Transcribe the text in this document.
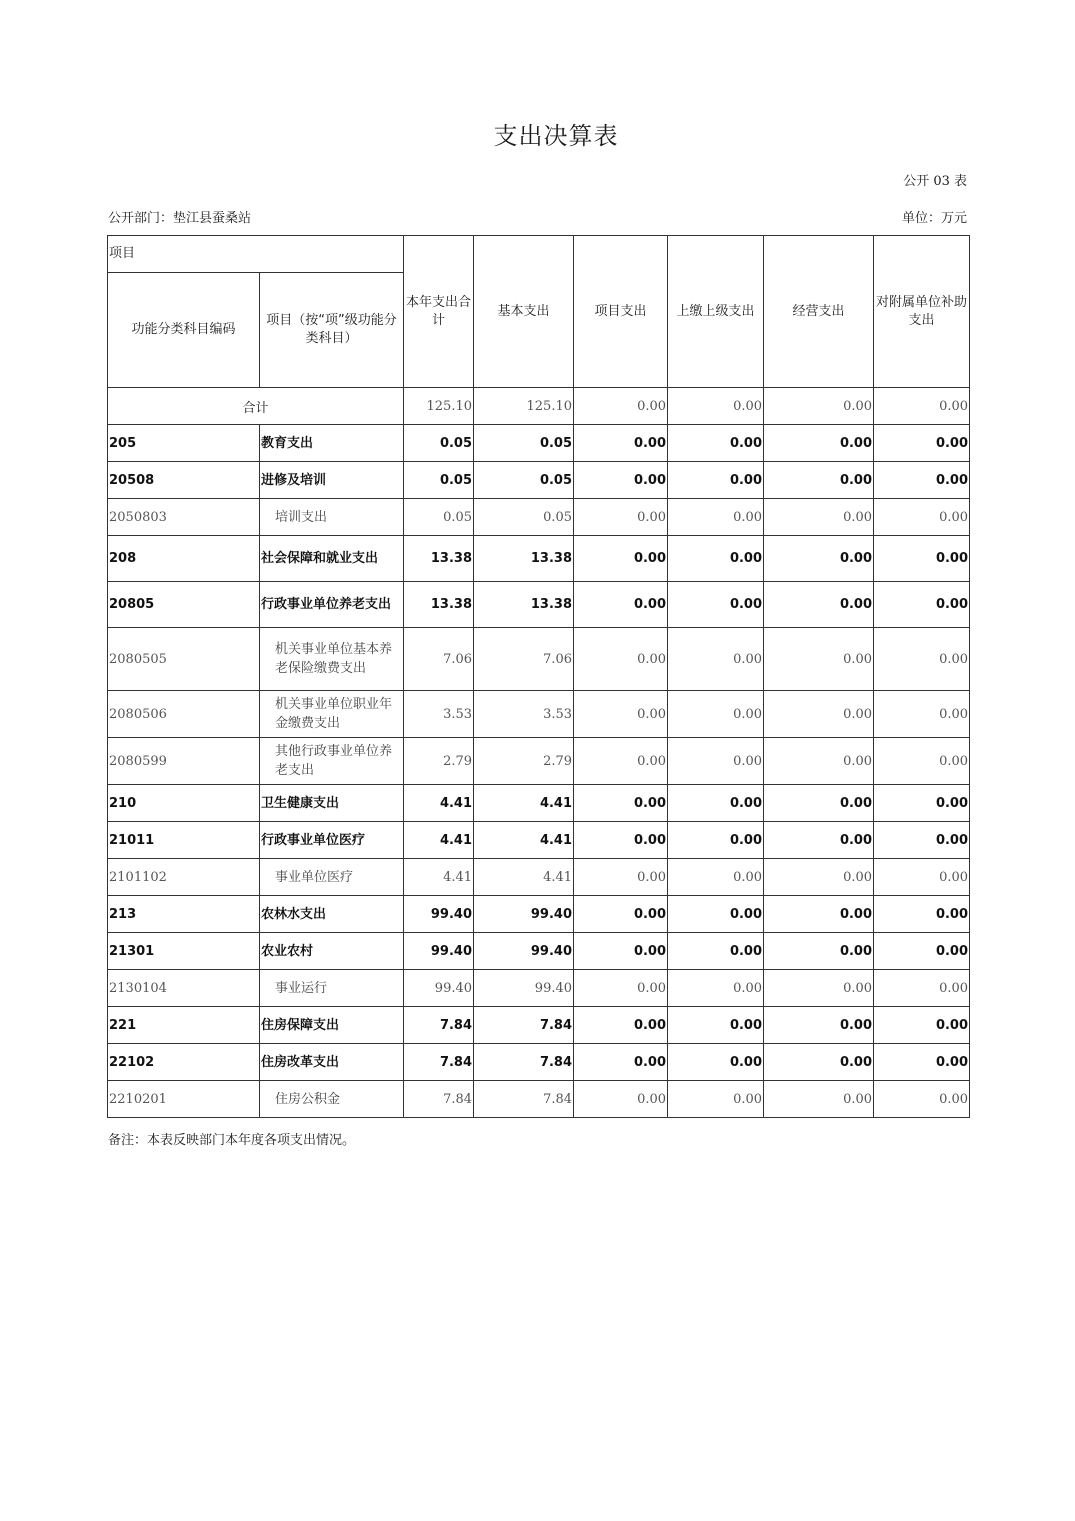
支出决算表
公开 03 表
公开部门：垫江县蚕桑站	单位：万元
项目		本年支出合计	基本支出	项目支出	上缴上级支出	经营支出	对附属单位补助支出
功能分类科目编码	项目（按“项”级功能分类科目）						
合计		125.10	125.10	0.00	0.00	0.00	0.00
205	教育支出	0.05	0.05	0.00	0.00	0.00	0.00
20508	进修及培训	0.05	0.05	0.00	0.00	0.00	0.00
2050803	培训支出	0.05	0.05	0.00	0.00	0.00	0.00
208	社会保障和就业支出	13.38	13.38	0.00	0.00	0.00	0.00
20805	行政事业单位养老支出	13.38	13.38	0.00	0.00	0.00	0.00
2080505	机关事业单位基本养老保险缴费支出	7.06	7.06	0.00	0.00	0.00	0.00
2080506	机关事业单位职业年金缴费支出	3.53	3.53	0.00	0.00	0.00	0.00
2080599	其他行政事业单位养老支出	2.79	2.79	0.00	0.00	0.00	0.00
210	卫生健康支出	4.41	4.41	0.00	0.00	0.00	0.00
21011	行政事业单位医疗	4.41	4.41	0.00	0.00	0.00	0.00
2101102	事业单位医疗	4.41	4.41	0.00	0.00	0.00	0.00
213	农林水支出	99.40	99.40	0.00	0.00	0.00	0.00
21301	农业农村	99.40	99.40	0.00	0.00	0.00	0.00
2130104	事业运行	99.40	99.40	0.00	0.00	0.00	0.00
221	住房保障支出	7.84	7.84	0.00	0.00	0.00	0.00
22102	住房改革支出	7.84	7.84	0.00	0.00	0.00	0.00
2210201	住房公积金	7.84	7.84	0.00	0.00	0.00	0.00
备注：本表反映部门本年度各项支出情况。
